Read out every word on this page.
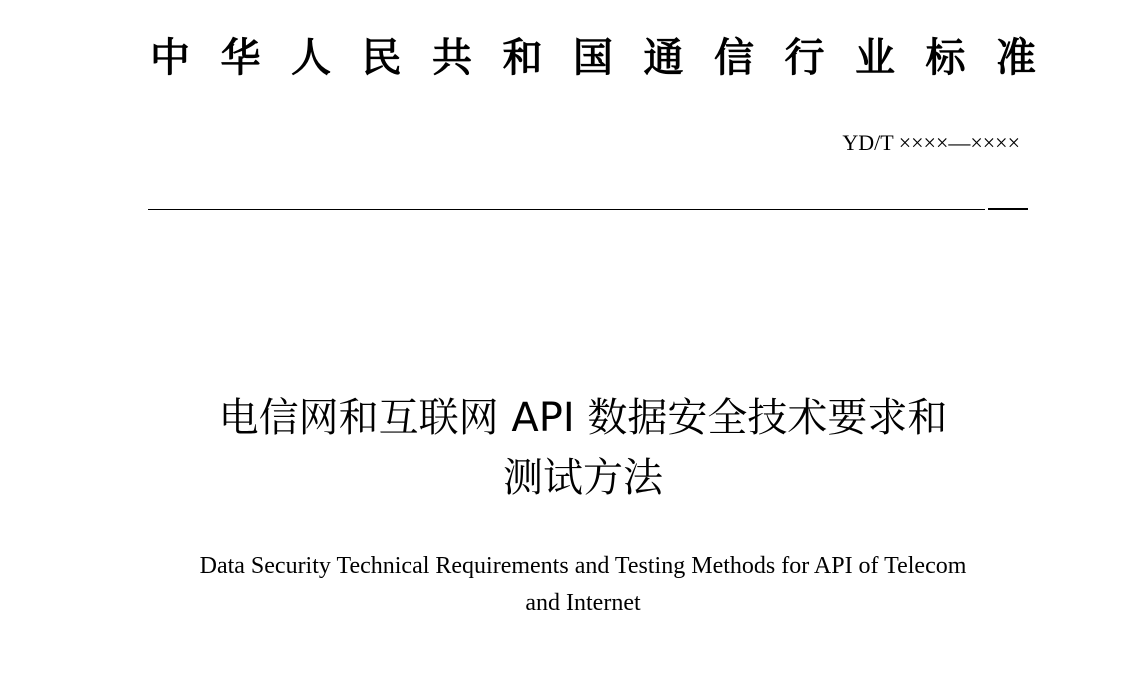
中 华 人 民 共 和 国 通 信 行 业 标 准
YD/T ××××—××××
电信网和互联网 API 数据安全技术要求和
测试方法
Data Security Technical Requirements and Testing Methods for API of Telecom
and Internet
